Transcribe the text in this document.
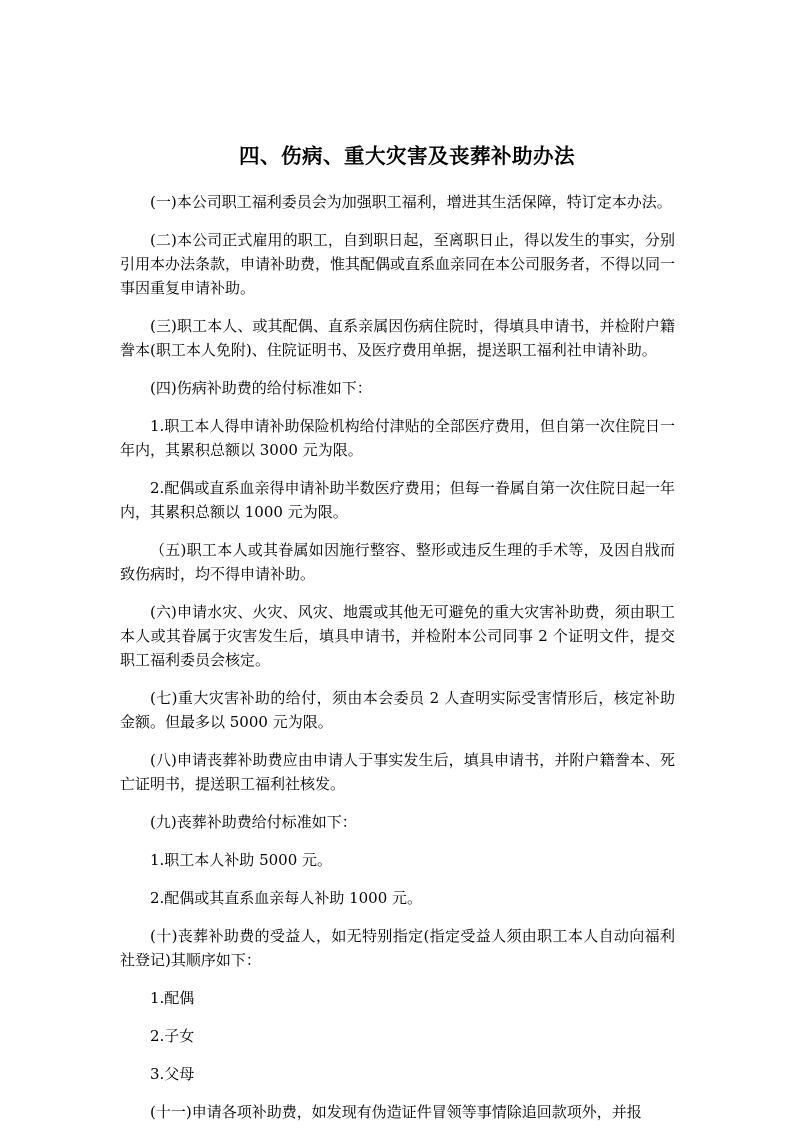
四、伤病、重大灾害及丧葬补助办法

(一)本公司职工福利委员会为加强职工福利，增进其生活保障，特订定本办法。

(二)本公司正式雇用的职工，自到职日起，至离职日止，得以发生的事实，分别引用本办法条款，申请补助费，惟其配偶或直系血亲同在本公司服务者，不得以同一事因重复申请补助。

(三)职工本人、或其配偶、直系亲属因伤病住院时，得填具申请书，并检附户籍誊本(职工本人免附)、住院证明书、及医疗费用单据，提送职工福利社申请补助。

(四)伤病补助费的给付标准如下：

1.职工本人得申请补助保险机构给付津贴的全部医疗费用，但自第一次住院日一年内，其累积总额以 3000 元为限。

2.配偶或直系血亲得申请补助半数医疗费用；但每一眷属自第一次住院日起一年内，其累积总额以 1000 元为限。

（五)职工本人或其眷属如因施行整容、整形或违反生理的手术等，及因自戕而致伤病时，均不得申请补助。

(六)申请水灾、火灾、风灾、地震或其他无可避免的重大灾害补助费，须由职工本人或其眷属于灾害发生后，填具申请书，并检附本公司同事 2 个证明文件，提交职工福利委员会核定。

(七)重大灾害补助的给付，须由本会委员 2 人查明实际受害情形后，核定补助金额。但最多以 5000 元为限。

(八)申请丧葬补助费应由申请人于事实发生后，填具申请书，并附户籍誊本、死亡证明书，提送职工福利社核发。

(九)丧葬补助费给付标准如下：

1.职工本人补助 5000 元。

2.配偶或其直系血亲每人补助 1000 元。

(十)丧葬补助费的受益人，如无特别指定(指定受益人须由职工本人自动向福利社登记)其顺序如下：

1.配偶

2.子女

3.父母

(十一)申请各项补助费，如发现有伪造证件冒领等事情除追回款项外，并报
